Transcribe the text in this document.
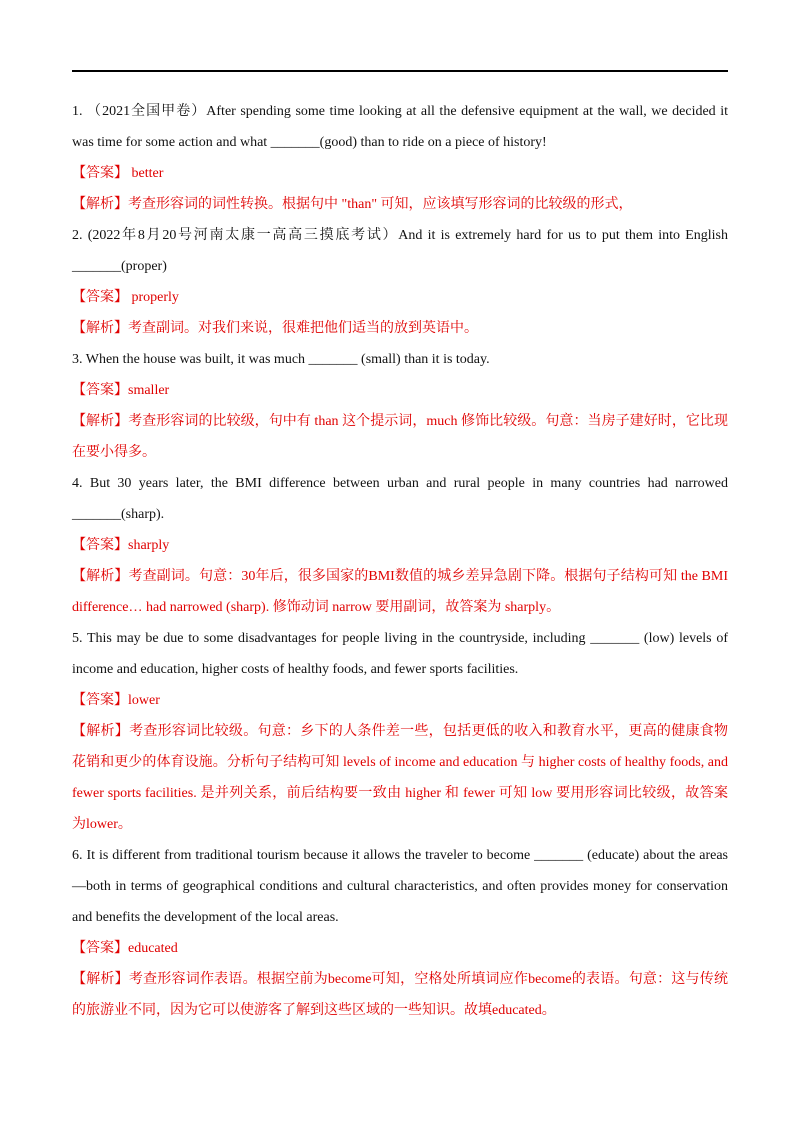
1. （2021全国甲卷）After spending some time looking at all the defensive equipment at the wall, we decided it was time for some action and what _______(good) than to ride on a piece of history!

【答案】 better

【解析】考查形容词的词性转换。根据句中 "than" 可知，应该填写形容词的比较级的形式，

2. (2022年8月20号河南太康一高高三摸底考试）And it is extremely hard for us to put them into English _______(proper)

【答案】 properly

【解析】考查副词。对我们来说，很难把他们适当的放到英语中。

3. When the house was built, it was much _______ (small) than it is today.

【答案】smaller

【解析】考查形容词的比较级，句中有 than 这个提示词，much 修饰比较级。句意：当房子建好时，它比现在要小得多。

4. But 30 years later, the BMI difference between urban and rural people in many countries had narrowed _______(sharp).

【答案】sharply

【解析】考查副词。句意：30年后，很多国家的BMI数值的城乡差异急剧下降。根据句子结构可知 the BMI difference… had narrowed (sharp). 修饰动词 narrow 要用副词，故答案为 sharply。

5. This may be due to some disadvantages for people living in the countryside, including _______ (low) levels of income and education, higher costs of healthy foods, and fewer sports facilities.

【答案】lower

【解析】考查形容词比较级。句意：乡下的人条件差一些，包括更低的收入和教育水平，更高的健康食物花销和更少的体育设施。分析句子结构可知 levels of income and education 与 higher costs of healthy foods, and fewer sports facilities. 是并列关系，前后结构要一致由 higher 和 fewer 可知 low 要用形容词比较级，故答案为lower。

6. It is different from traditional tourism because it allows the traveler to become _______ (educate) about the areas—both in terms of geographical conditions and cultural characteristics, and often provides money for conservation and benefits the development of the local areas.

【答案】educated

【解析】考查形容词作表语。根据空前为become可知，空格处所填词应作become的表语。句意：这与传统的旅游业不同，因为它可以使游客了解到这些区域的一些知识。故填educated。
